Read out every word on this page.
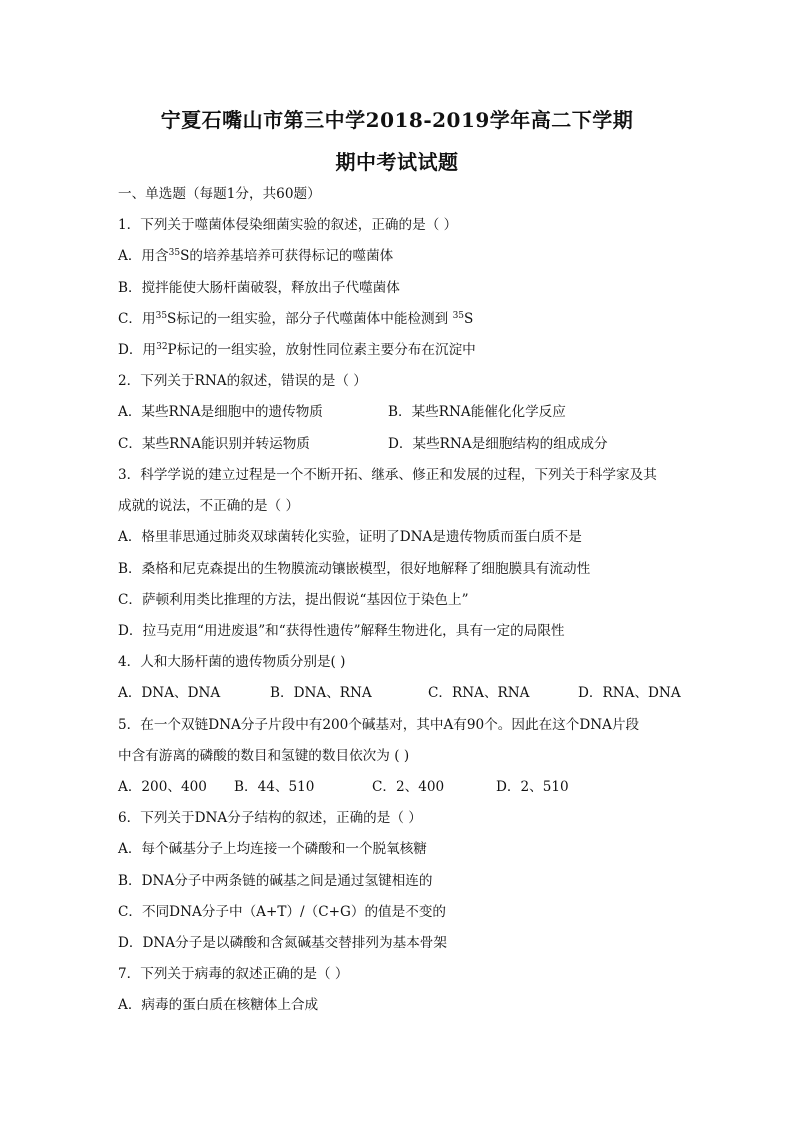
宁夏石嘴山市第三中学2018-2019学年高二下学期
期中考试试题
一、单选题（每题1分，共60题）
1．下列关于噬菌体侵染细菌实验的叙述，正确的是（ ）
A．用含$^{35}$S的培养基培养可获得标记的噬菌体
B．搅拌能使大肠杆菌破裂，释放出子代噬菌体
C．用$^{35}$S标记的一组实验，部分子代噬菌体中能检测到 $^{35}$S
D．用$^{32}$P标记的一组实验，放射性同位素主要分布在沉淀中
2．下列关于RNA的叙述，错误的是（ ）
A．某些RNA是细胞中的遗传物质	B．某些RNA能催化化学反应
C．某些RNA能识别并转运物质	D．某些RNA是细胞结构的组成成分
3．科学学说的建立过程是一个不断开拓、继承、修正和发展的过程，下列关于科学家及其
成就的说法，不正确的是（ ）
A．格里菲思通过肺炎双球菌转化实验，证明了DNA是遗传物质而蛋白质不是
B．桑格和尼克森提出的生物膜流动镶嵌模型，很好地解释了细胞膜具有流动性
C．萨顿利用类比推理的方法，提出假说“基因位于染色上”
D．拉马克用“用进废退”和“获得性遗传”解释生物进化，具有一定的局限性
4．人和大肠杆菌的遗传物质分别是( )
A．DNA、DNA	B．DNA、RNA	C．RNA、RNA	D．RNA、DNA
5．在一个双链DNA分子片段中有200个碱基对，其中A有90个。因此在这个DNA片段
中含有游离的磷酸的数目和氢键的数目依次为 ( )
A．200、400 B．44、510	C．2、400	D．2、510
6．下列关于DNA分子结构的叙述，正确的是（ ）
A．每个碱基分子上均连接一个磷酸和一个脱氧核糖
B．DNA分子中两条链的碱基之间是通过氢键相连的
C．不同DNA分子中（A+T）/（C+G）的值是不变的
D．DNA分子是以磷酸和含氮碱基交替排列为基本骨架
7．下列关于病毒的叙述正确的是（ ）
A．病毒的蛋白质在核糖体上合成
